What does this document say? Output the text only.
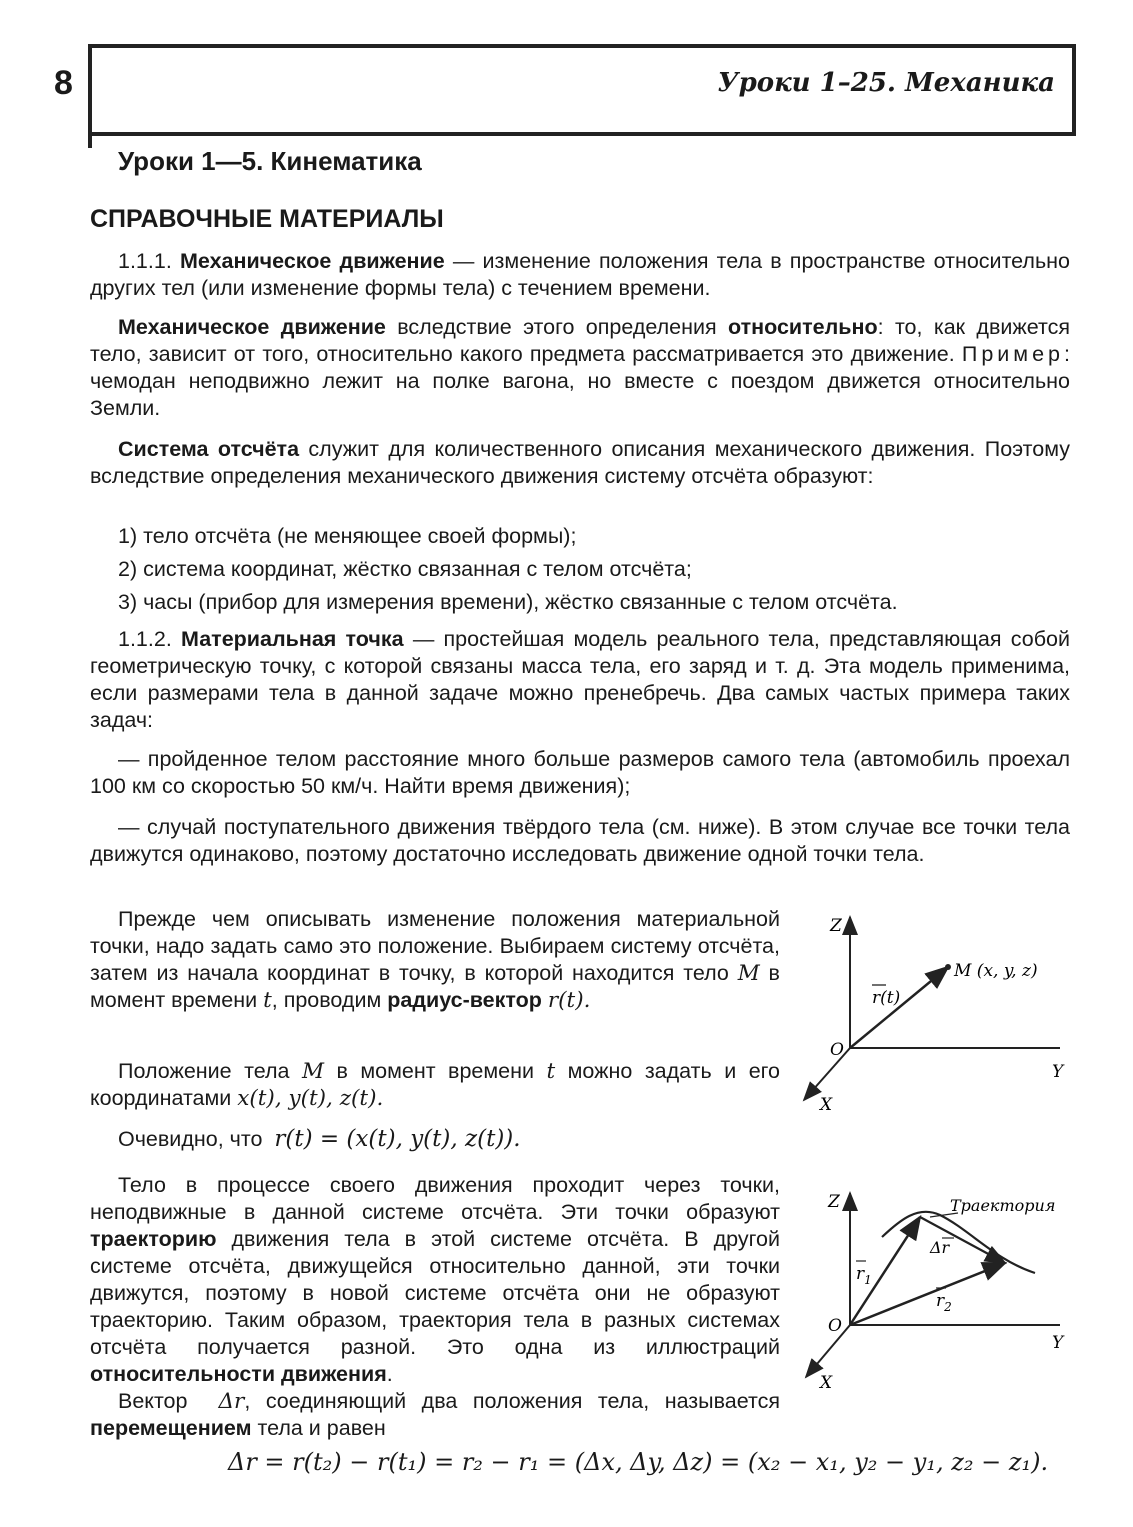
8	Уроки 1–25. Механика
Уроки 1—5. Кинематика
СПРАВОЧНЫЕ МАТЕРИАЛЫ
1.1.1. Механическое движение — изменение положения тела в пространстве относительно других тел (или изменение формы тела) с течением времени.
Механическое движение вследствие этого определения относительно: то, как движется тело, зависит от того, относительно какого предмета рассматривается это движение. Пример: чемодан неподвижно лежит на полке вагона, но вместе с поездом движется относительно Земли.
Система отсчёта служит для количественного описания механического движения. Поэтому вследствие определения механического движения систему отсчёта образуют:
1) тело отсчёта (не меняющее своей формы);
2) система координат, жёстко связанная с телом отсчёта;
3) часы (прибор для измерения времени), жёстко связанные с телом отсчёта.
1.1.2. Материальная точка — простейшая модель реального тела, представляющая собой геометрическую точку, с которой связаны масса тела, его заряд и т. д. Эта модель применима, если размерами тела в данной задаче можно пренебречь. Два самых частых примера таких задач:
— пройденное телом расстояние много больше размеров самого тела (автомобиль проехал 100 км со скоростью 50 км/ч. Найти время движения);
— случай поступательного движения твёрдого тела (см. ниже). В этом случае все точки тела движутся одинаково, поэтому достаточно исследовать движение одной точки тела.
Прежде чем описывать изменение положения материальной точки, надо задать само это положение. Выбираем систему отсчёта, затем из начала координат в точку, в которой находится тело M в момент времени t, проводим радиус-вектор r(t).
Положение тела M в момент времени t можно задать и его координатами x(t), y(t), z(t).
Очевидно, что r(t) = (x(t), y(t), z(t)).
Тело в процессе своего движения проходит через точки, неподвижные в данной системе отсчёта. Эти точки образуют траекторию движения тела в этой системе отсчёта. В другой системе отсчёта, движущейся относительно данной, эти точки движутся, поэтому в новой системе отсчёта они не образуют траекторию. Таким образом, траектория тела в разных системах отсчёта получается разной. Это одна из иллюстраций относительности движения.
Вектор Δr, соединяющий два положения тела, называется перемещением тела и равен
Δr = r(t₂) − r(t₁) = r₂ − r₁ = (Δx, Δy, Δz) = (x₂ − x₁, y₂ − y₁, z₂ − z₁).
Z
O
Y
X
M (x, y, z)
r(t)
Z
O
Y
X
Траектория
Δr
$r_1$
$r_2$
